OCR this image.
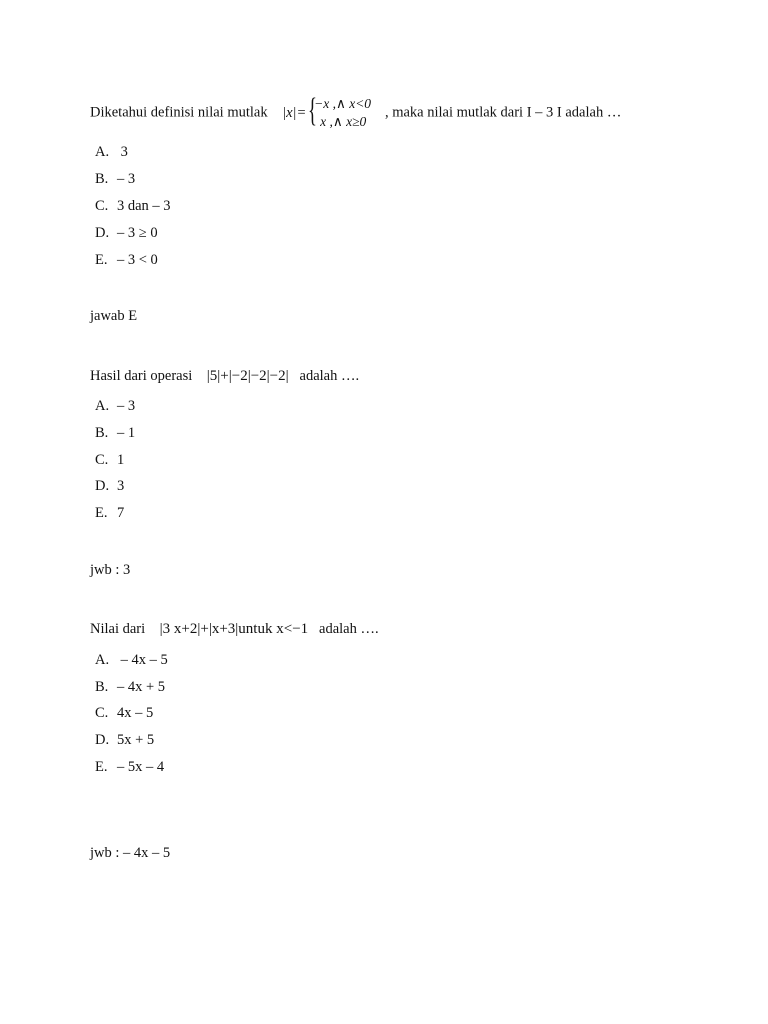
Diketahui definisi nilai mutlak |x|= {
−x ,∧ x<0
x ,∧ x≥0
, maka nilai mutlak dari I – 3 I adalah …
A. 3
B. – 3
C. 3 dan – 3
D. – 3 ≥ 0
E. – 3 < 0
jawab E
Hasil dari operasi |5|+|−2|−2|−2| adalah ….
A. – 3
B. – 1
C. 1
D. 3
E. 7
jwb : 3
Nilai dari |3 x+2|+|x+3|untuk x<−1 adalah ….
A. – 4x – 5
B. – 4x + 5
C. 4x – 5
D. 5x + 5
E. – 5x – 4
jwb : – 4x – 5
